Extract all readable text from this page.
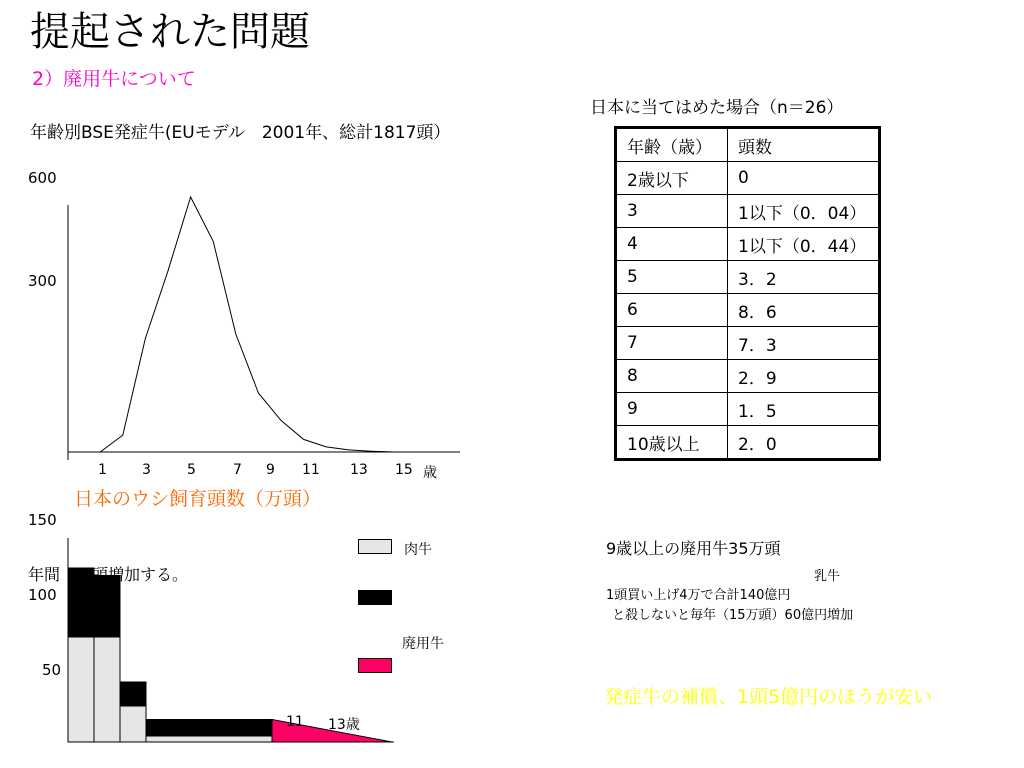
提起された問題
2）廃用牛について
年齢別BSE発症牛(EUモデル　2001年、総計1817頭）
600
300
1	3	5	7 9 11 13 15 歳
日本に当てはめた場合（n＝26）
年齢（歳）	頭数
2歳以下	0
3	1以下（0．04）
4	1以下（0．44）
5	3．2
6	8．6
7	7．3
8	2．9
9	1．5
10歳以上	2．0
日本のウシ飼育頭数（万頭）
150
100
50
年間　万頭増加する。
11 13歳
肉牛
廃用牛
9歳以上の廃用牛35万頭
乳牛
1頭買い上げ4万で合計140億円
と殺しないと毎年（15万頭）60億円増加
発症牛の補償、1頭5億円のほうが安い
